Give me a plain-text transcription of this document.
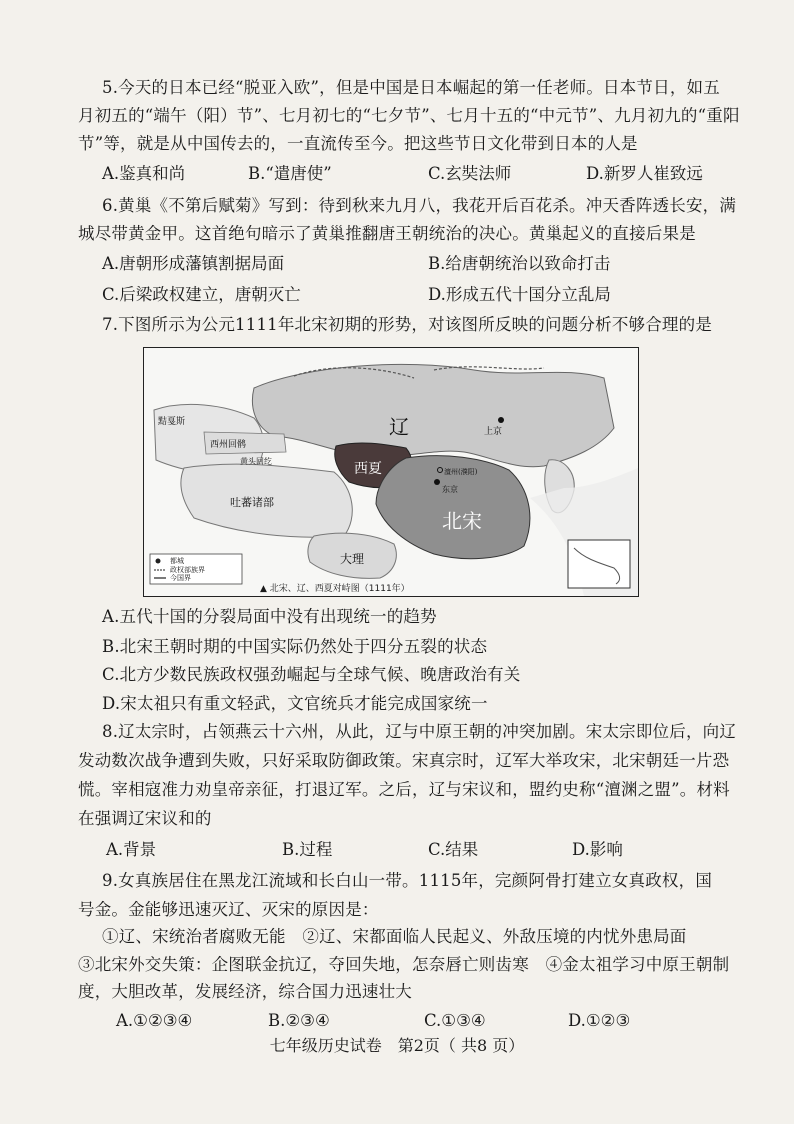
5.今天的日本已经“脱亚入欧”，但是中国是日本崛起的第一任老师。日本节日，如五
月初五的“端午（阳）节”、七月初七的“七夕节”、七月十五的“中元节”、九月初九的“重阳
节”等，就是从中国传去的，一直流传至今。把这些节日文化带到日本的人是
A.鉴真和尚	B.“遣唐使”	C.玄奘法师	D.新罗人崔致远
6.黄巢《不第后赋菊》写到：待到秋来九月八，我花开后百花杀。冲天香阵透长安，满
城尽带黄金甲。这首绝句暗示了黄巢推翻唐王朝统治的决心。黄巢起义的直接后果是
A.唐朝形成藩镇割据局面	B.给唐朝统治以致命打击
C.后梁政权建立，唐朝灭亡	D.形成五代十国分立乱局
7.下图所示为公元1111年北宋初期的形势，对该图所反映的问题分析不够合理的是
辽
西夏
北宋
大理
吐蕃诸部
西州回鹘
黄头回纥
黠戛斯
上京
东京
澶州(濮阳)
都城
政权部族界
今国界
▲ 北宋、辽、西夏对峙图（1111年）
A.五代十国的分裂局面中没有出现统一的趋势
B.北宋王朝时期的中国实际仍然处于四分五裂的状态
C.北方少数民族政权强劲崛起与全球气候、晚唐政治有关
D.宋太祖只有重文轻武，文官统兵才能完成国家统一
8.辽太宗时，占领燕云十六州，从此，辽与中原王朝的冲突加剧。宋太宗即位后，向辽
发动数次战争遭到失败，只好采取防御政策。宋真宗时，辽军大举攻宋，北宋朝廷一片恐
慌。宰相寇准力劝皇帝亲征，打退辽军。之后，辽与宋议和，盟约史称“澶渊之盟”。材料
在强调辽宋议和的
A.背景	B.过程	C.结果	D.影响
9.女真族居住在黑龙江流域和长白山一带。1115年，完颜阿骨打建立女真政权，国
号金。金能够迅速灭辽、灭宋的原因是：
①辽、宋统治者腐败无能　②辽、宋都面临人民起义、外敌压境的内忧外患局面
③北宋外交失策：企图联金抗辽，夺回失地，怎奈唇亡则齿寒　④金太祖学习中原王朝制
度，大胆改革，发展经济，综合国力迅速壮大
A.①②③④	B.②③④	C.①③④	D.①②③
七年级历史试卷　第2页（ 共8 页）
